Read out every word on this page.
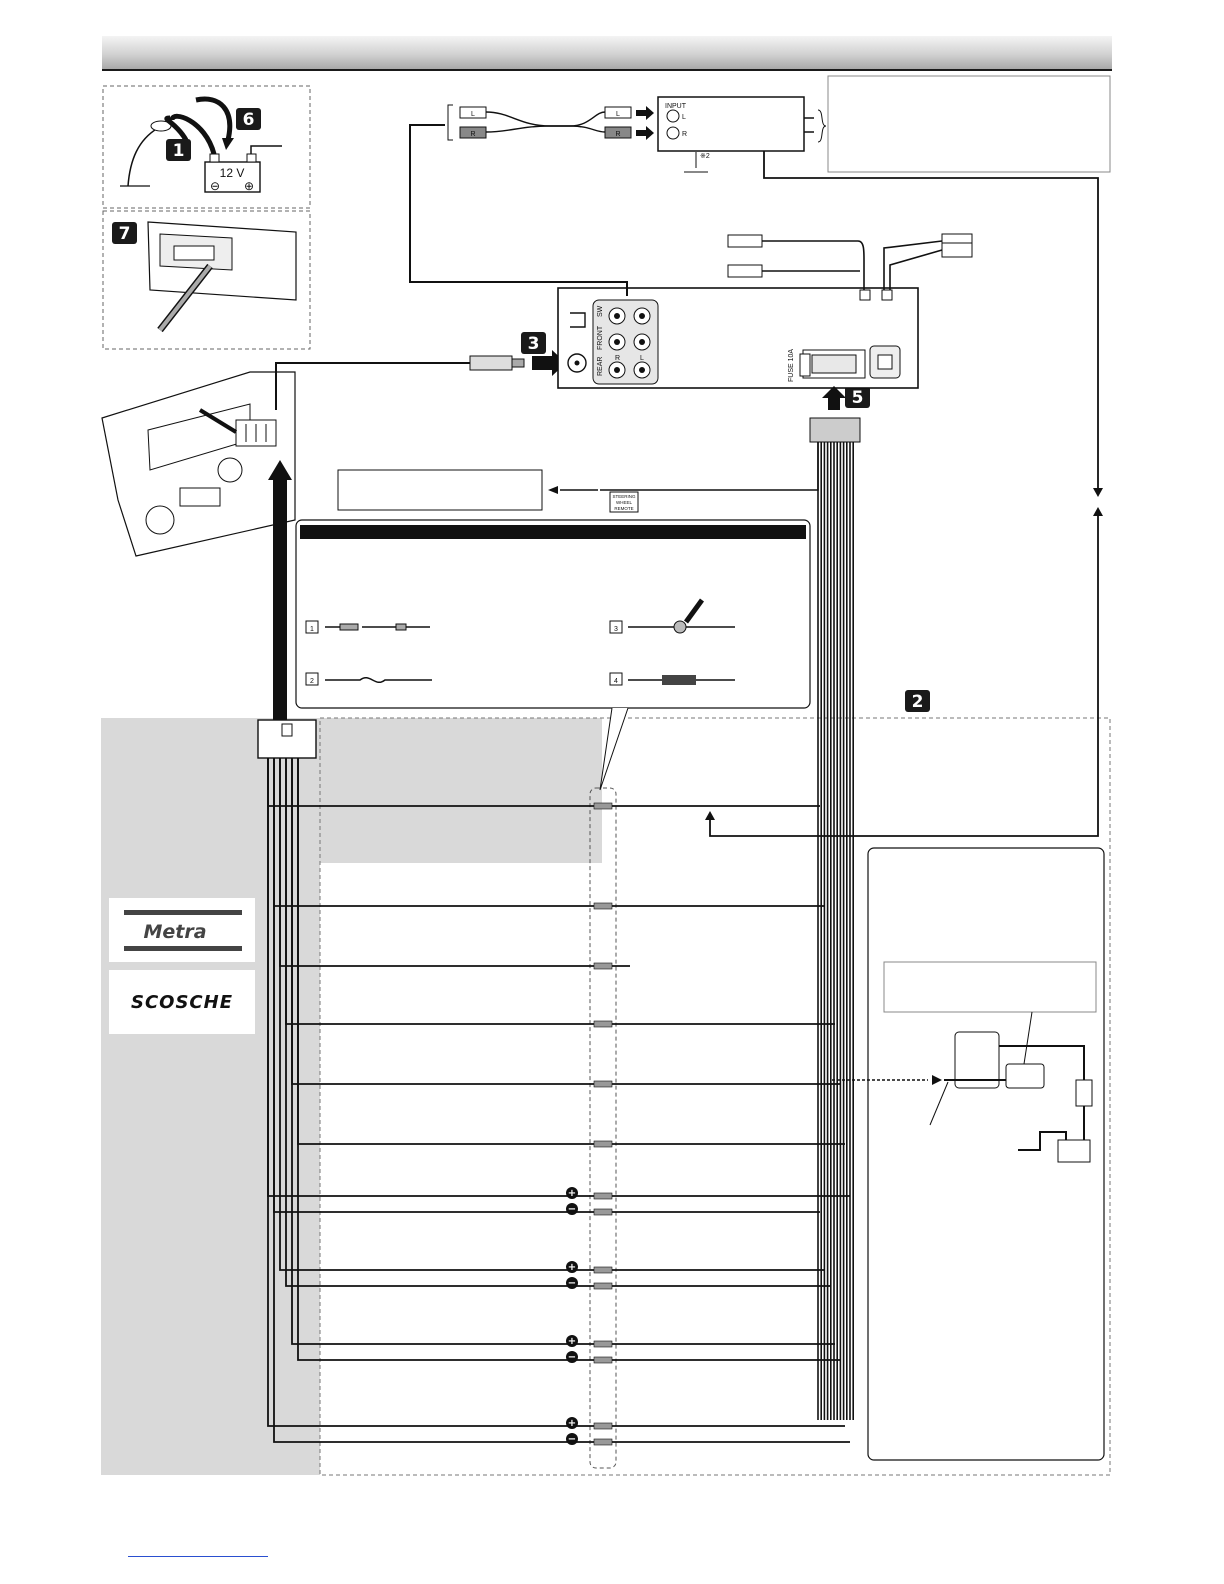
12 V
⊖ ⊕
1
6
7
3
5
2
SW
FRONT
REAR R	L	FUSE 10A
INPUT
L
R
※2
L
R
L
R
STEERING
WHEEL
REMOTE
1
2
3
4
+
−
+
−
+
−
+
−
Metra
SCOSCHE
